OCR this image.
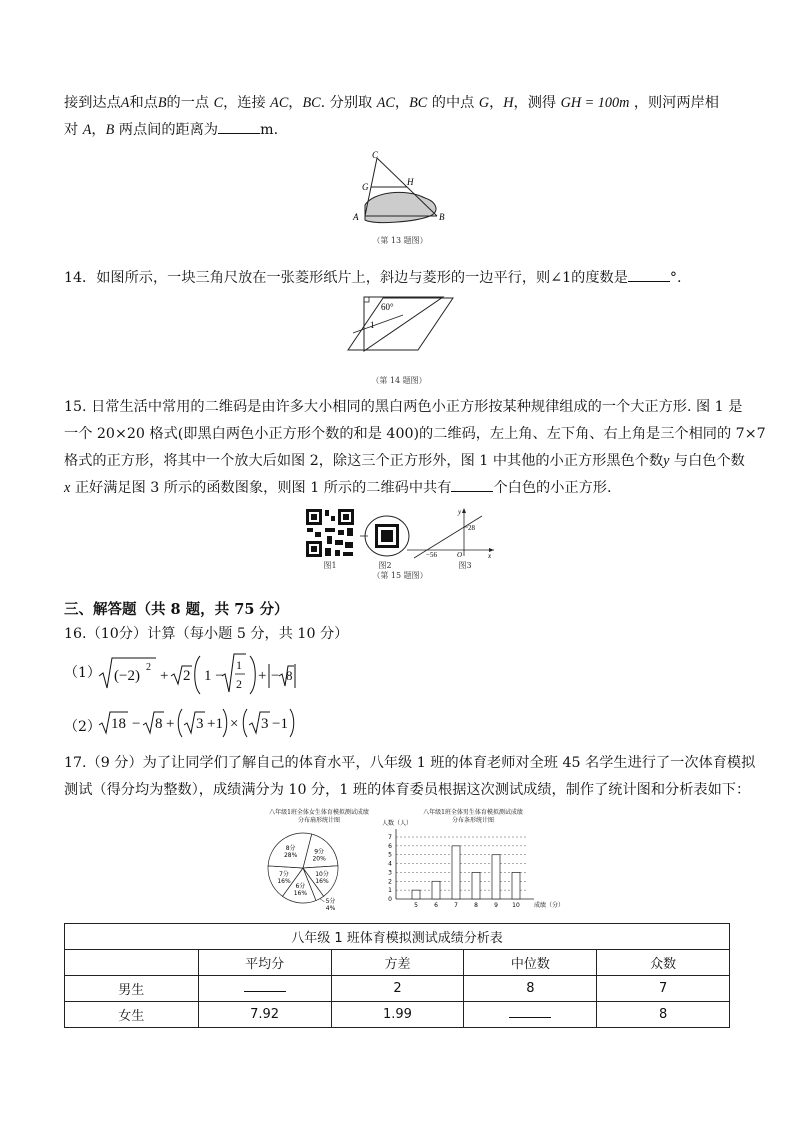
接到达点A和点B的一点 C，连接 AC，BC. 分别取 AC，BC 的中点 G，H，测得 GH = 100m ，则河两岸相
对 A，B 两点间的距离为	m.
C
G	H
A	B
（第 13 题图）
14．如图所示，一块三角尺放在一张菱形纸片上，斜边与菱形的一边平行，则∠1的度数是	°.
60°
1
（第 14 题图）
15. 日常生活中常用的二维码是由许多大小相同的黑白两色小正方形按某种规律组成的一个大正方形. 图 1 是
一个 20×20 格式(即黑白两色小正方形个数的和是 400)的二维码，左上角、左下角、右上角是三个相同的 7×7
格式的正方形，将其中一个放大后如图 2，除这三个正方形外，图 1 中其他的小正方形黑色个数y 与白色个数
x 正好满足图 3 所示的函数图象，则图 1 所示的二维码中共有	个白色的小正方形.
图1	图2
y
x
O
28
−56
图3
（第 15 题图）
三、解答题（共 8 题，共 75 分）
16.（10分）计算（每小题 5 分，共 10 分）
（1） (−2)
2
+ 2 1 −
1
2 + − 8
（2） 18 − 8 + 3 +1 × 3 −1
17.（9 分）为了让同学们了解自己的体育水平，八年级 1 班的体育老师对全班 45 名学生进行了一次体育模拟
测试（得分均为整数），成绩满分为 10 分，1 班的体育委员根据这次测试成绩，制作了统计图和分析表如下：
八年级1班全体女生体育模拟测试成绩
分布扇形统计图
9分
20%
10分
16%
5分
4%
6分
16%
7分
16%
8分
28%
八年级1班全体男生体育模拟测试成绩
分布条形统计图
0
1
2
3
4
5
6
7
人数（人）
成绩（分）
5	6	7	8	9 10
八年级 1 班体育模拟测试成绩分析表				
	平均分	方差	中位数	众数
男生		2	8	7
女生	7.92	1.99		8
